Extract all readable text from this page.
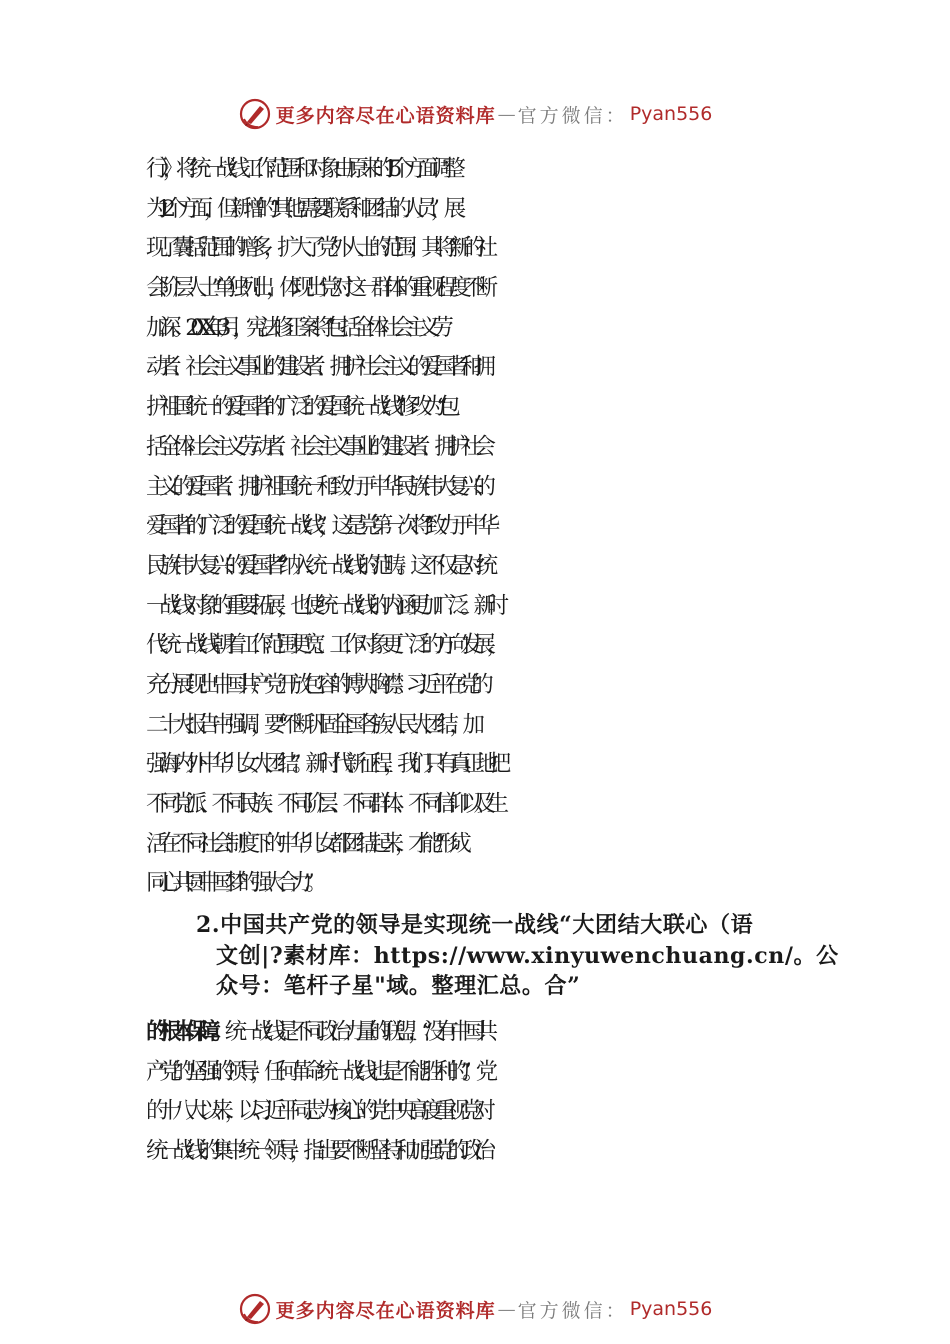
更多内容尽在心语资料库 — 官方微信： Pyan556
行）》，将统一战线工作范围和对象由原来的 15 个方面调整
为 12 个方面，但新增的“其他需要联系和团结的人员”，展
现了囊括范围的增多，扩大了党外人士的范围；其将“新的社
会阶层人士”单独列出，体现出党对这一群体的重视程度不断
加深。20XX 年 3 月，宪法修正案将“包括全体社会主义劳
动者、社会主义事业的建设者、拥护社会主义的爱国者和拥
护祖国统一的爱国者的广泛的爱国统一战线”修改为“包
括全体社会主义劳动者、社会主义事业的建设者、拥护社会
主义的爱国者、拥护祖国统一和致力于中华民族伟大复兴的
爱国者的广泛的爱国统一战线”，这是党第一次将“致力于中华
民族伟大复兴的爱国者”纳入统一战线的范畴。这不仅是对统
一战线对象的重要拓展，也使统一战线的内涵更加广泛。新时
代统一战线朝着工作范围更宽、工作对象更广泛的方向发展，
充分展现出中国共产党开放包容的博大胸襟。 习近平在党的
二十大报告中强调，要“不断巩固全国各族人民大团结，加
强海内外中华儿女大团结”。新时代新征程，我们只有真正地把
不同党派、不同民族、不同阶层、不同群体、不同信仰以及生
活在不同社会制度下的中华儿女都团结起来，才能“形成
同心共圆中国梦的强大合力”。
2.中国共产党的领导是实现统一战线“大团结大联心（语
文创|?素材库：https://www.xinyuwenchuang.cn/。公
众号：笔杆子星"域。整理汇总。合”
的根本保障。统一战线是不同政治力量的联盟，“没有中国共
产党的坚强的领导，任何革命统一战线也是不能胜利的”。党
的十八大以来，以习近平同志为核心的党中央高度重视党对
统一战线的集中统一领导，指出要不断坚持和加强党的政治
更多内容尽在心语资料库 — 官方微信： Pyan556
